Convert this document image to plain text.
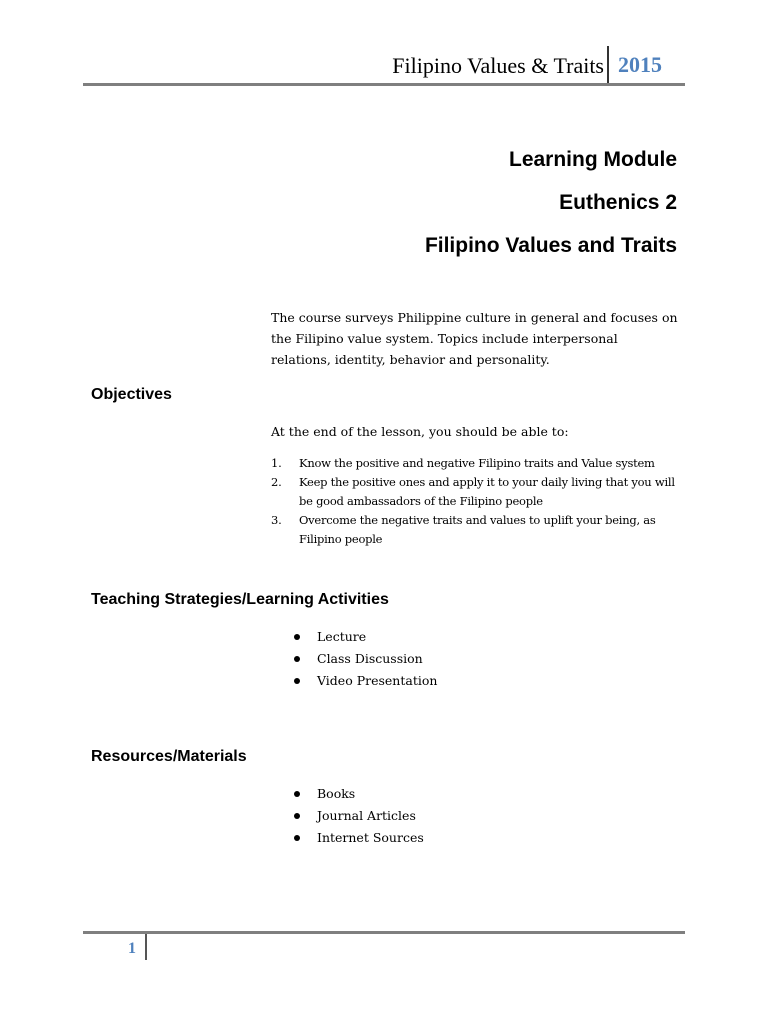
Filipino Values & Traits 2015
Learning Module
Euthenics 2
Filipino Values and Traits
The course surveys Philippine culture in general and focuses on the Filipino value system. Topics include interpersonal relations, identity, behavior and personality.
Objectives
At the end of the lesson, you should be able to:
1. Know the positive and negative Filipino traits and Value system
2. Keep the positive ones and apply it to your daily living that you will be good ambassadors of the Filipino people
3. Overcome the negative traits and values to uplift your being, as Filipino people
Teaching Strategies/Learning Activities
Lecture
Class Discussion
Video Presentation
Resources/Materials
Books
Journal Articles
Internet Sources
1
